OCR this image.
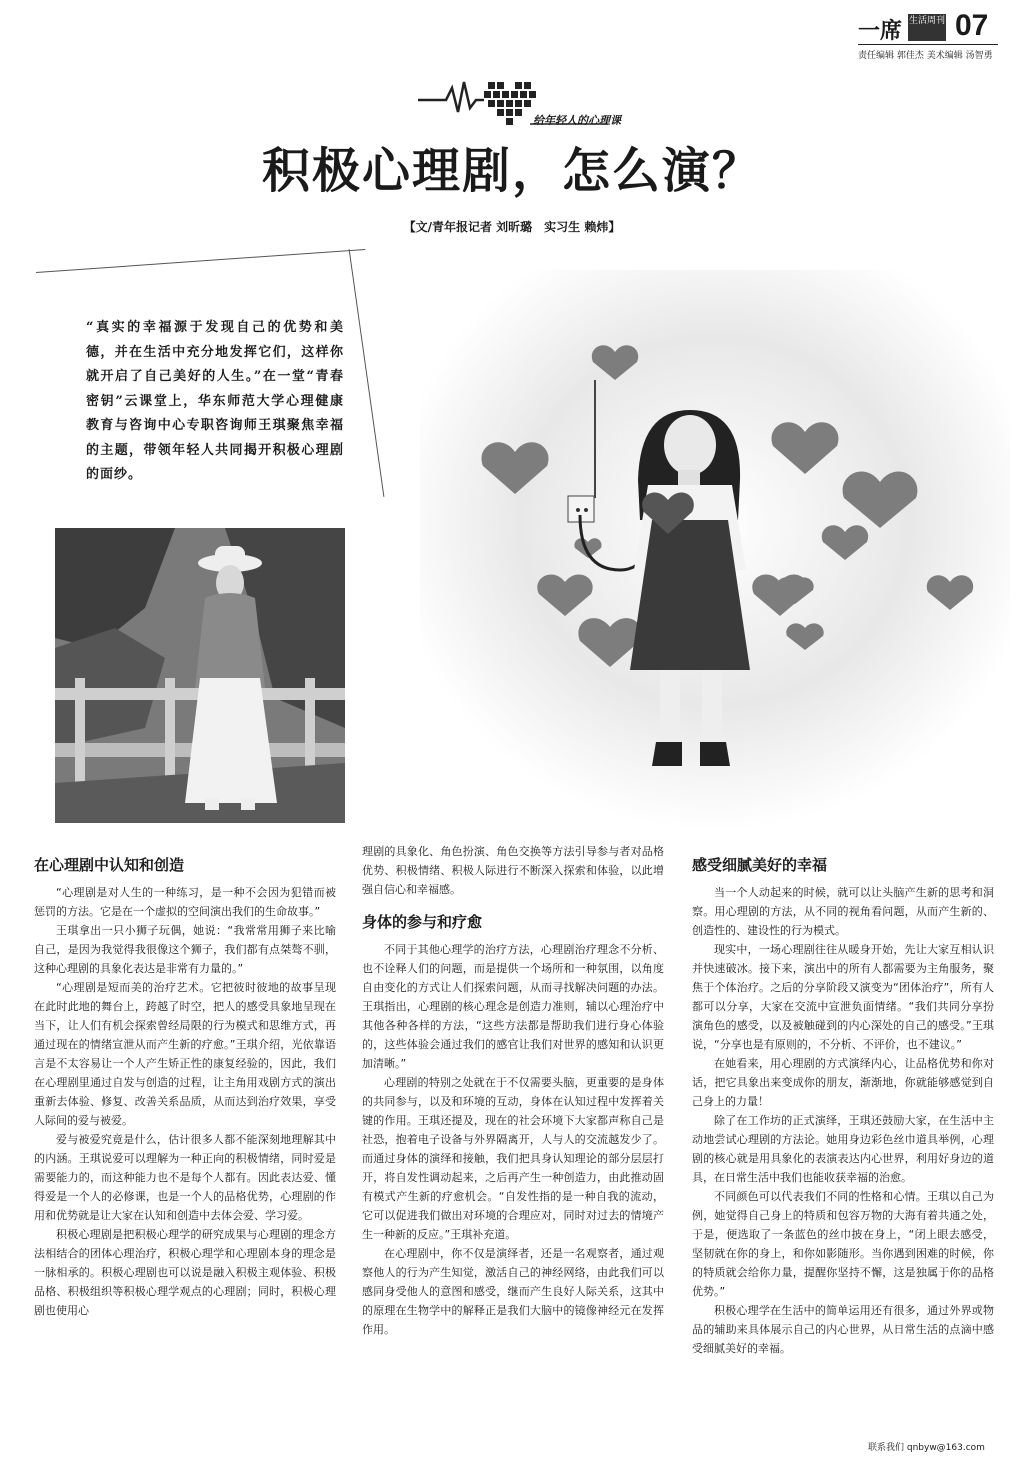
一席 生活周刊 07
责任编辑 郭佳杰 美术编辑 汤智勇
给年轻人的心理课
积极心理剧，怎么演？
【文/青年报记者 刘昕璐　实习生 赖炜】
“真实的幸福源于发现自己的优势和美德，并在生活中充分地发挥它们，这样你就开启了自己美好的人生。”在一堂“青春密钥”云课堂上，华东师范大学心理健康教育与咨询中心专职咨询师王琪聚焦幸福的主题，带领年轻人共同揭开积极心理剧的面纱。
在心理剧中认知和创造

“心理剧是对人生的一种练习，是一种不会因为犯错而被惩罚的方法。它是在一个虚拟的空间演出我们的生命故事。”

王琪拿出一只小狮子玩偶，她说：“我常常用狮子来比喻自己，是因为我觉得我很像这个狮子，我们都有点桀骜不驯，这种心理剧的具象化表达是非常有力量的。”

“心理剧是短而美的治疗艺术。它把彼时彼地的故事呈现在此时此地的舞台上，跨越了时空，把人的感受具象地呈现在当下，让人们有机会探索曾经局限的行为模式和思维方式，再通过现在的情绪宣泄从而产生新的疗愈。”王琪介绍，光依靠语言是不太容易让一个人产生矫正性的康复经验的，因此，我们在心理剧里通过自发与创造的过程，让主角用戏剧方式的演出重新去体验、修复、改善关系品质，从而达到治疗效果，享受人际间的爱与被爱。

爱与被爱究竟是什么，估计很多人都不能深刻地理解其中的内涵。王琪说爱可以理解为一种正向的积极情绪，同时爱是需要能力的，而这种能力也不是每个人都有。因此表达爱、懂得爱是一个人的必修课，也是一个人的品格优势，心理剧的作用和优势就是让大家在认知和创造中去体会爱、学习爱。

积极心理剧是把积极心理学的研究成果与心理剧的理念方法相结合的团体心理治疗，积极心理学和心理剧本身的理念是一脉相承的。积极心理剧也可以说是融入积极主观体验、积极品格、积极组织等积极心理学观点的心理剧；同时，积极心理剧也使用心

理剧的具象化、角色扮演、角色交换等方法引导参与者对品格优势、积极情绪、积极人际进行不断深入探索和体验，以此增强自信心和幸福感。

身体的参与和疗愈

不同于其他心理学的治疗方法，心理剧治疗理念不分析、也不诠释人们的问题，而是提供一个场所和一种氛围，以角度自由变化的方式让人们探索问题，从而寻找解决问题的办法。王琪指出，心理剧的核心理念是创造力准则，辅以心理治疗中其他各种各样的方法，“这些方法都是帮助我们进行身心体验的，这些体验会通过我们的感官让我们对世界的感知和认识更加清晰。”

心理剧的特别之处就在于不仅需要头脑，更重要的是身体的共同参与，以及和环境的互动，身体在认知过程中发挥着关键的作用。王琪还提及，现在的社会环境下大家都声称自己是社恐，抱着电子设备与外界隔离开，人与人的交流越发少了。而通过身体的演绎和接触，我们把具身认知理论的部分层层打开，将自发性调动起来，之后再产生一种创造力，由此推动固有模式产生新的疗愈机会。“自发性指的是一种自我的流动，它可以促进我们做出对环境的合理应对，同时对过去的情境产生一种新的反应。”王琪补充道。

在心理剧中，你不仅是演绎者，还是一名观察者，通过观察他人的行为产生知觉，激活自己的神经网络，由此我们可以感同身受他人的意图和感受，继而产生良好人际关系，这其中的原理在生物学中的解释正是我们大脑中的镜像神经元在发挥作用。

感受细腻美好的幸福

当一个人动起来的时候，就可以让头脑产生新的思考和洞察。用心理剧的方法，从不同的视角看问题，从而产生新的、创造性的、建设性的行为模式。

现实中，一场心理剧往往从暖身开始，先让大家互相认识并快速破冰。接下来，演出中的所有人都需要为主角服务，聚焦于个体治疗。之后的分享阶段又演变为“团体治疗”，所有人都可以分享，大家在交流中宣泄负面情绪。“我们共同分享扮演角色的感受，以及被触碰到的内心深处的自己的感受。”王琪说，“分享也是有原则的，不分析、不评价，也不建议。”

在她看来，用心理剧的方式演绎内心，让品格优势和你对话，把它具象出来变成你的朋友，渐渐地，你就能够感觉到自己身上的力量！

除了在工作坊的正式演绎，王琪还鼓励大家，在生活中主动地尝试心理剧的方法论。她用身边彩色丝巾道具举例，心理剧的核心就是用具象化的表演表达内心世界，利用好身边的道具，在日常生活中我们也能收获幸福的治愈。

不同颜色可以代表我们不同的性格和心情。王琪以自己为例，她觉得自己身上的特质和包容万物的大海有着共通之处，于是，便选取了一条蓝色的丝巾披在身上，“闭上眼去感受，坚韧就在你的身上，和你如影随形。当你遇到困难的时候，你的特质就会给你力量，提醒你坚持不懈，这是独属于你的品格优势。”

积极心理学在生活中的简单运用还有很多，通过外界或物品的辅助来具体展示自己的内心世界，从日常生活的点滴中感受细腻美好的幸福。

联系我们 qnbyw@163.com
